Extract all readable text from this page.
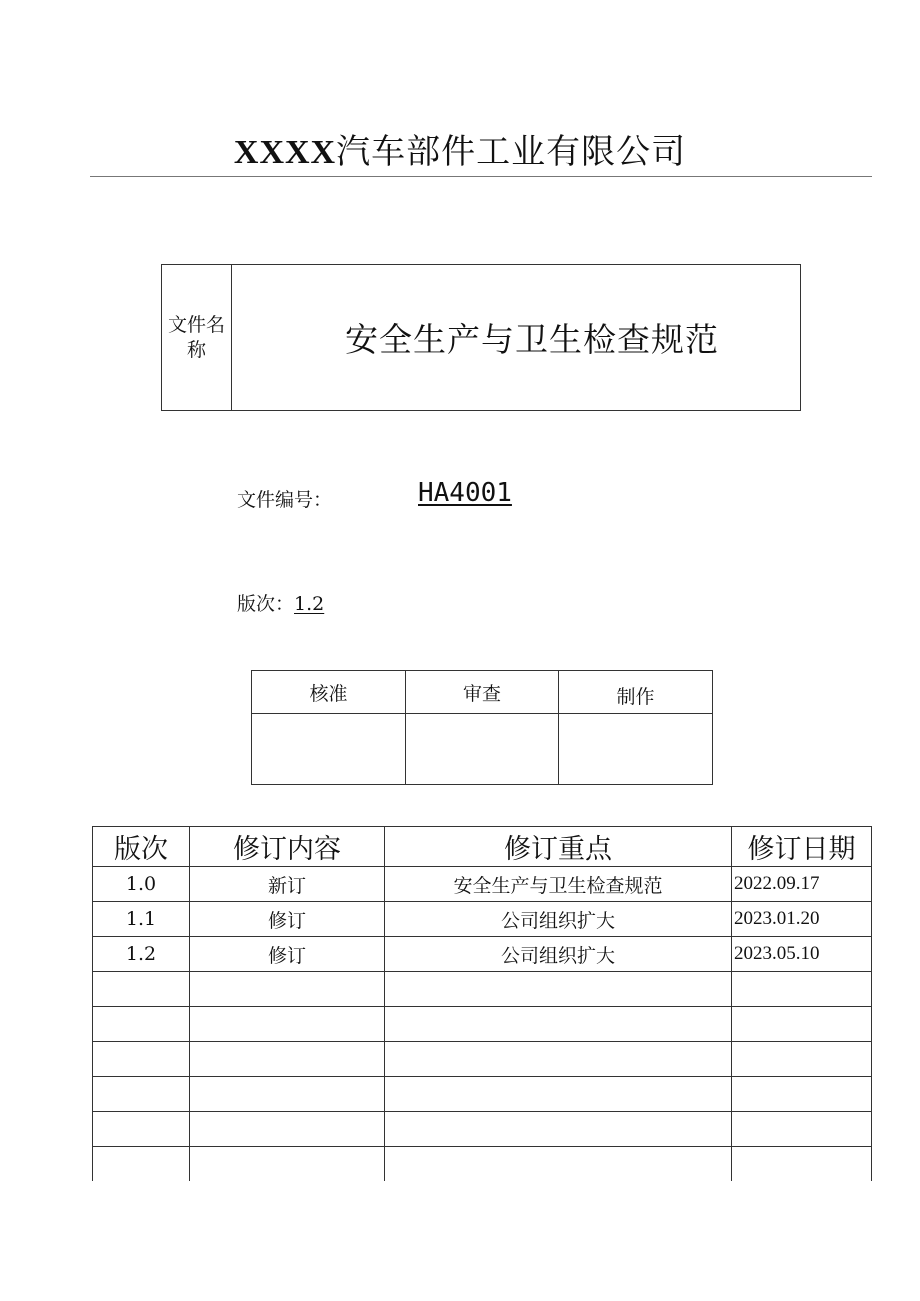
XXXX汽车部件工业有限公司
文件名称	安全生产与卫生检查规范
文件编号：	HA4001
版次：1.2
核准	审查	制作

版次	修订内容	修订重点	修订日期
1.0	新订	安全生产与卫生检查规范	2022.09.17
1.1	修订	公司组织扩大	2023.01.20
1.2	修订	公司组织扩大	2023.05.10
